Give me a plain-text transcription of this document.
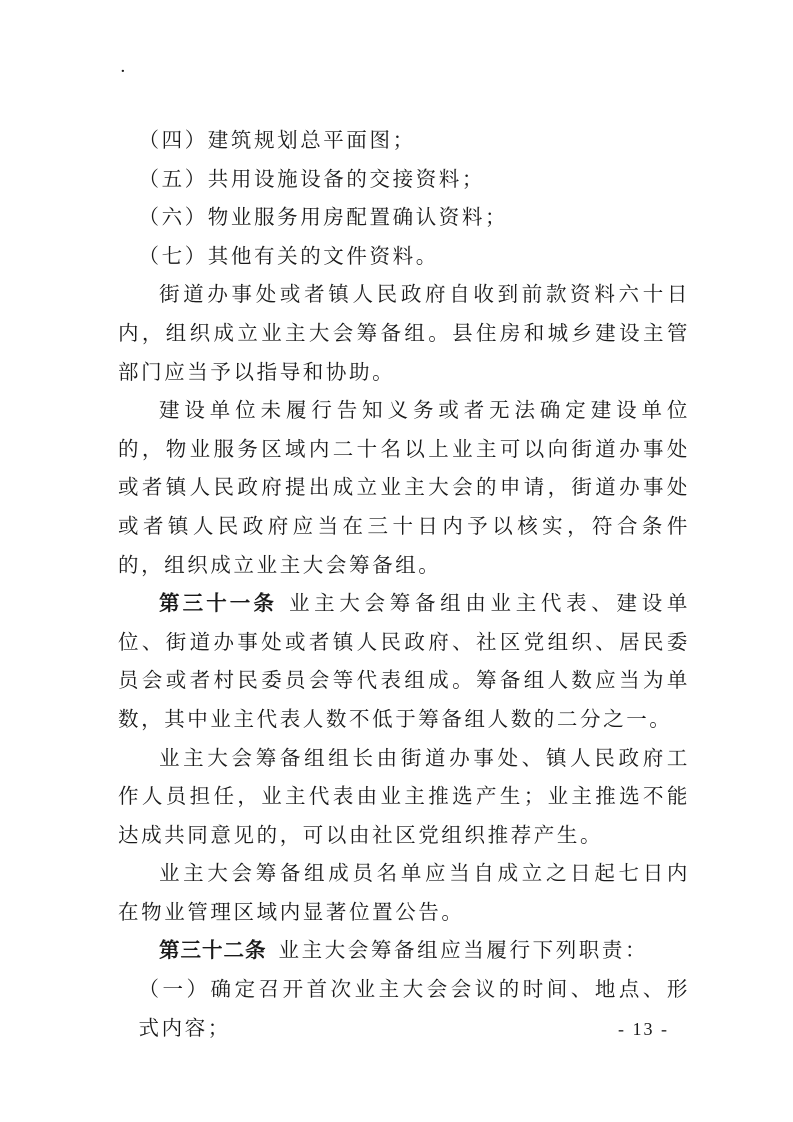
·

（四）建筑规划总平面图；

（五）共用设施设备的交接资料；

（六）物业服务用房配置确认资料；

（七）其他有关的文件资料。

街道办事处或者镇人民政府自收到前款资料六十日内，组织成立业主大会筹备组。县住房和城乡建设主管部门应当予以指导和协助。

建设单位未履行告知义务或者无法确定建设单位的，物业服务区域内二十名以上业主可以向街道办事处或者镇人民政府提出成立业主大会的申请，街道办事处或者镇人民政府应当在三十日内予以核实，符合条件的，组织成立业主大会筹备组。

第三十一条 业主大会筹备组由业主代表、建设单位、街道办事处或者镇人民政府、社区党组织、居民委员会或者村民委员会等代表组成。筹备组人数应当为单数，其中业主代表人数不低于筹备组人数的二分之一。

业主大会筹备组组长由街道办事处、镇人民政府工作人员担任，业主代表由业主推选产生；业主推选不能达成共同意见的，可以由社区党组织推荐产生。

业主大会筹备组成员名单应当自成立之日起七日内在物业管理区域内显著位置公告。

第三十二条 业主大会筹备组应当履行下列职责：

（一）确定召开首次业主大会会议的时间、地点、形式内容；	- 13 -
